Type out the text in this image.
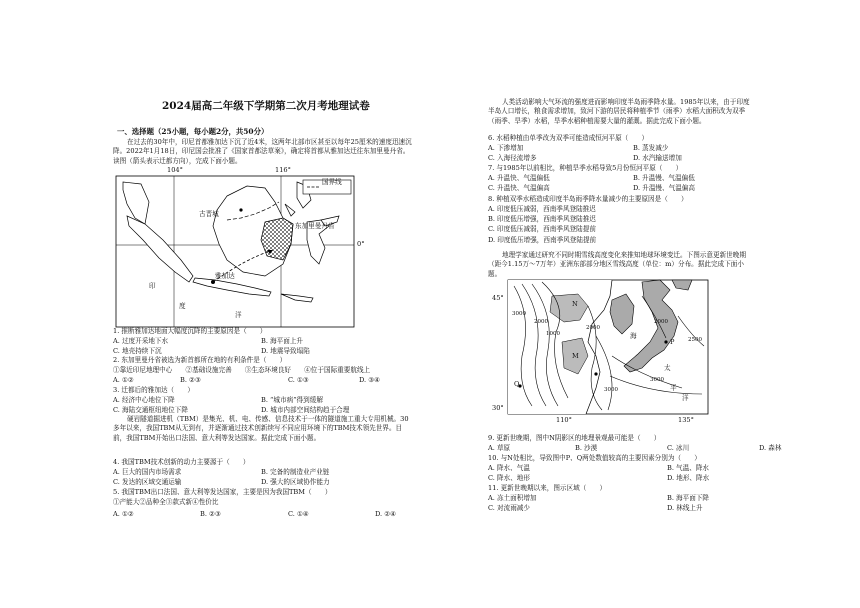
2024届高二年级下学期第二次月考地理试卷
一、选择题（25小题，每小题2分，共50分）
在过去的30年中，印尼首都雅加达下沉了近4米，这两年北部市区甚至以每年25厘米的速度迅速沉降。2022年1月18日，印尼国会批准了《国家首都法草案》，确定将首都从雅加达迁往东加里曼丹省。读图（箭头表示迁都方向），完成下面小题。
104°	116°
0°
国界线
古晋城
东加里曼丹省
雅加达
印
度
洋
1. 推断雅加达地面大幅度沉降的主要原因是（　　）
A. 过度开采地下水	B. 海平面上升
C. 地壳持续下沉	D. 地震导致塌陷
2. 东加里曼丹省被选为新首都所在地的有利条件是（　　）
①靠近印尼地理中心　　②基础设施完善　　③生态环境良好　　④位于国际重要航线上
A. ①②	B. ②③	C. ①③	D. ③④
3. 迁都后的雅加达（　　）
A. 经济中心地位下降	B. “城市病”得到缓解
C. 海陆交通枢纽地位下降	D. 城市内部空间结构趋于合理
硬岩隧道掘进机（TBM）是集光、机、电、传感、信息技术于一体的隧道施工重大专用机械。30多年以来，我国TBM从无到有，并逐渐通过技术创新续写不同应用环境下的TBM技术领先世界。目前，我国TBM开始出口法国、意大利等发达国家。据此完成下面小题。
4. 我国TBM技术创新的动力主要源于（　　）
A. 巨大的国内市场需求	B. 完备的制造业产业链
C. 发达的区域交通运输	D. 强大的区域协作能力
5. 我国TBM出口法国、意大利等发达国家，主要是因为我国TBM（　　）
①产能大②品种全③款式新④性价比
A. ①②	B. ②③	C. ①④	D. ②④
人类活动影响大气环流的强度进而影响印度半岛雨季降水量。1985年以来，由于印度半岛人口增长，粮食需求增加，致河下游的居民将种植季节（雨季）水稻大面积改为双季（雨季、旱季）水稻，旱季水稻种植需要大量的灌溉。据此完成下面小题。
6. 水稻种植由单季改为双季可能造成恒河平原（　　）
A. 下渗增加	B. 蒸发减少
C. 入海径流增多	D. 水汽输送增加
7. 与1985年以前相比，种植旱季水稻导致5月份恒河平原（　　）
A. 升温快、气温偏低	B. 升温慢、气温偏低
C. 升温快、气温偏高	D. 升温慢、气温偏高
8. 种植双季水稻造成印度半岛雨季降水量减少的主要原因是（　　）
A. 印度低压减弱，西南季风登陆推迟
B. 印度低压增强，西南季风登陆推迟
C. 印度低压减弱，西南季风登陆提前
D. 印度低压增强，西南季风登陆提前
地理学家通过研究不同时期雪线高度变化来推知地球环境变迁。下图示意更新世晚期（距今1.15万～7万年）亚洲东部部分地区雪线高度（单位：m）分布。据此完成下面小题。
45°
30°
110°	135°
海
太
平
洋
3000
2000
1000
2000
3000
2000
2500
3000
N
M
P
Q
9. 更新世晚期，图中N阴影区的地理景观最可能是（　　）
A. 草原	B. 沙漠	C. 冰川	D. 森林
10. 与N处相比，导致图中P、Q两处数值较高的主要因素分别为（　　）
A. 降水、气温	B. 气温、降水
C. 降水、地形	D. 地形、降水
11. 更新世晚期以来，图示区域（　　）
A. 冻土面积增加	B. 海平面下降
C. 对流雨减少	D. 林线上升
